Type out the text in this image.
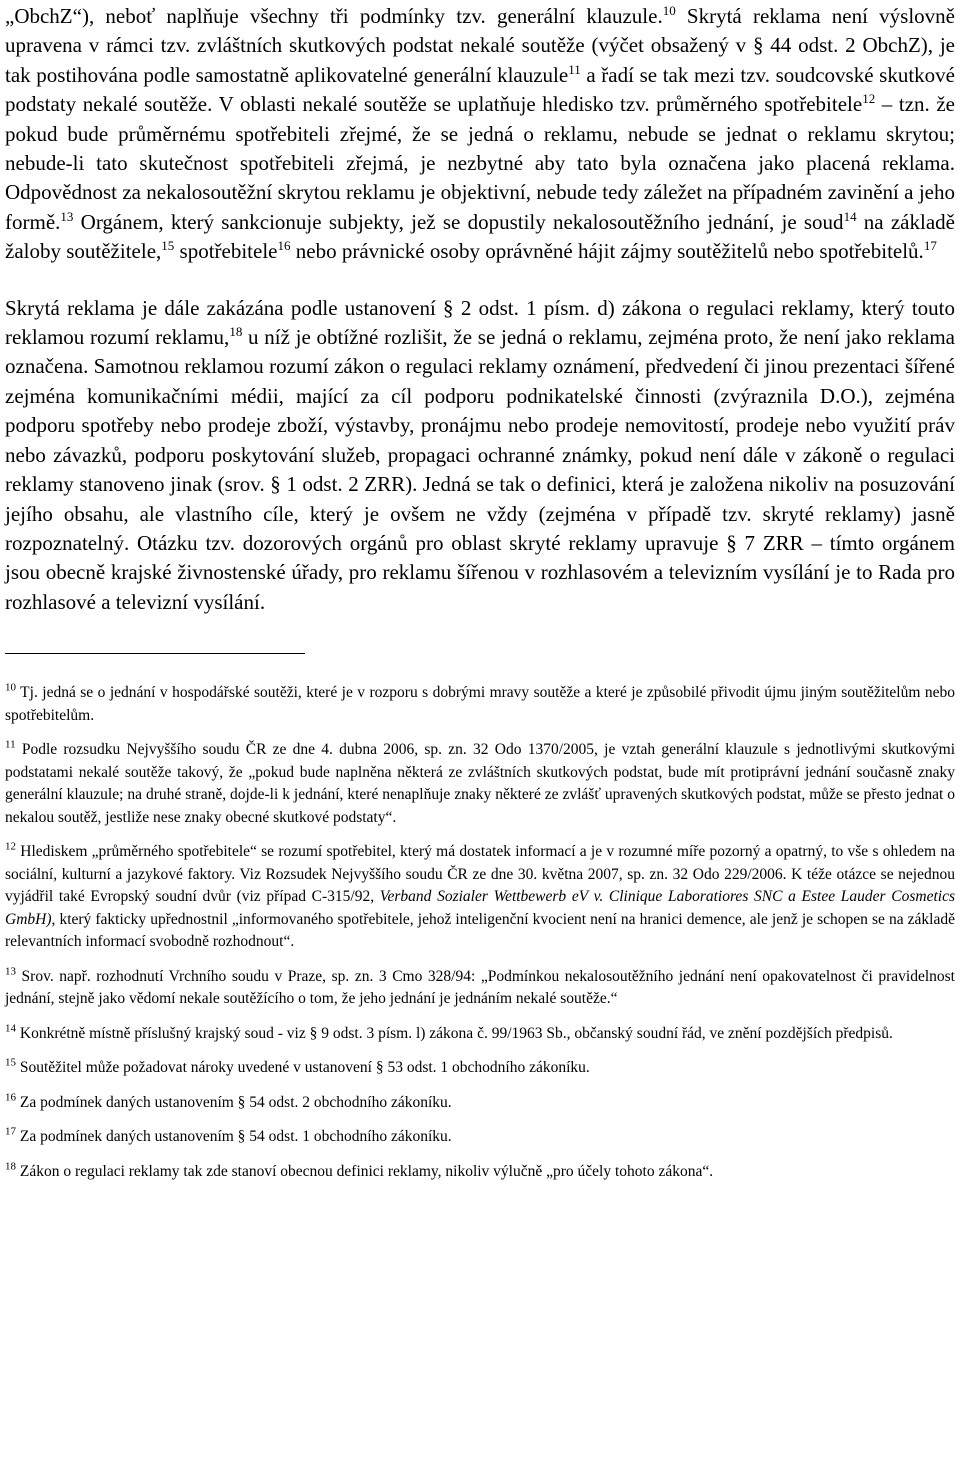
„ObchZ“), neboť naplňuje všechny tři podmínky tzv. generální klauzule.$^{10}$ Skrytá reklama není výslovně upravena v rámci tzv. zvláštních skutkových podstat nekalé soutěže (výčet obsažený v § 44 odst. 2 ObchZ), je tak postihována podle samostatně aplikovatelné generální klauzule$^{11}$ a řadí se tak mezi tzv. soudcovské skutkové podstaty nekalé soutěže. V oblasti nekalé soutěže se uplatňuje hledisko tzv. průměrného spotřebitele$^{12}$ – tzn. že pokud bude průměrnému spotřebiteli zřejmé, že se jedná o reklamu, nebude se jednat o reklamu skrytou; nebude-li tato skutečnost spotřebiteli zřejmá, je nezbytné aby tato byla označena jako placená reklama. Odpovědnost za nekalosoutěžní skrytou reklamu je objektivní, nebude tedy záležet na případném zavinění a jeho formě.$^{13}$ Orgánem, který sankcionuje subjekty, jež se dopustily nekalosoutěžního jednání, je soud$^{14}$ na základě žaloby soutěžitele,$^{15}$ spotřebitele$^{16}$ nebo právnické osoby oprávněné hájit zájmy soutěžitelů nebo spotřebitelů.$^{17}$

Skrytá reklama je dále zakázána podle ustanovení § 2 odst. 1 písm. d) zákona o regulaci reklamy, který touto reklamou rozumí reklamu,$^{18}$ u níž je obtížné rozlišit, že se jedná o reklamu, zejména proto, že není jako reklama označena. Samotnou reklamou rozumí zákon o regulaci reklamy oznámení, předvedení či jinou prezentaci šířené zejména komunikačními médii, mající za cíl podporu podnikatelské činnosti (zvýraznila D.O.), zejména podporu spotřeby nebo prodeje zboží, výstavby, pronájmu nebo prodeje nemovitostí, prodeje nebo využití práv nebo závazků, podporu poskytování služeb, propagaci ochranné známky, pokud není dále v zákoně o regulaci reklamy stanoveno jinak (srov. § 1 odst. 2 ZRR). Jedná se tak o definici, která je založena nikoliv na posuzování jejího obsahu, ale vlastního cíle, který je ovšem ne vždy (zejména v případě tzv. skryté reklamy) jasně rozpoznatelný. Otázku tzv. dozorových orgánů pro oblast skryté reklamy upravuje § 7 ZRR – tímto orgánem jsou obecně krajské živnostenské úřady, pro reklamu šířenou v rozhlasovém a televizním vysílání je to Rada pro rozhlasové a televizní vysílání.

$^{10}$ Tj. jedná se o jednání v hospodářské soutěži, které je v rozporu s dobrými mravy soutěže a které je způsobilé přivodit újmu jiným soutěžitelům nebo spotřebitelům.

$^{11}$ Podle rozsudku Nejvyššího soudu ČR ze dne 4. dubna 2006, sp. zn. 32 Odo 1370/2005, je vztah generální klauzule s jednotlivými skutkovými podstatami nekalé soutěže takový, že „pokud bude naplněna některá ze zvláštních skutkových podstat, bude mít protiprávní jednání současně znaky generální klauzule; na druhé straně, dojde-li k jednání, které nenaplňuje znaky některé ze zvlášť upravených skutkových podstat, může se přesto jednat o nekalou soutěž, jestliže nese znaky obecné skutkové podstaty“.

$^{12}$ Hlediskem „průměrného spotřebitele“ se rozumí spotřebitel, který má dostatek informací a je v rozumné míře pozorný a opatrný, to vše s ohledem na sociální, kulturní a jazykové faktory. Viz Rozsudek Nejvyššího soudu ČR ze dne 30. května 2007, sp. zn. 32 Odo 229/2006. K téže otázce se nejednou vyjádřil také Evropský soudní dvůr (viz případ C-315/92, Verband Sozialer Wettbewerb eV v. Clinique Laboratiores SNC a Estee Lauder Cosmetics GmbH), který fakticky upřednostnil „informovaného spotřebitele, jehož inteligenční kvocient není na hranici demence, ale jenž je schopen se na základě relevantních informací svobodně rozhodnout“.

$^{13}$ Srov. např. rozhodnutí Vrchního soudu v Praze, sp. zn. 3 Cmo 328/94: „Podmínkou nekalosoutěžního jednání není opakovatelnost či pravidelnost jednání, stejně jako vědomí nekale soutěžícího o tom, že jeho jednání je jednáním nekalé soutěže.“

$^{14}$ Konkrétně místně příslušný krajský soud - viz § 9 odst. 3 písm. l) zákona č. 99/1963 Sb., občanský soudní řád, ve znění pozdějších předpisů.

$^{15}$ Soutěžitel může požadovat nároky uvedené v ustanovení § 53 odst. 1 obchodního zákoníku.

$^{16}$ Za podmínek daných ustanovením § 54 odst. 2 obchodního zákoníku.

$^{17}$ Za podmínek daných ustanovením § 54 odst. 1 obchodního zákoníku.

$^{18}$ Zákon o regulaci reklamy tak zde stanoví obecnou definici reklamy, nikoliv výlučně „pro účely tohoto zákona“.
